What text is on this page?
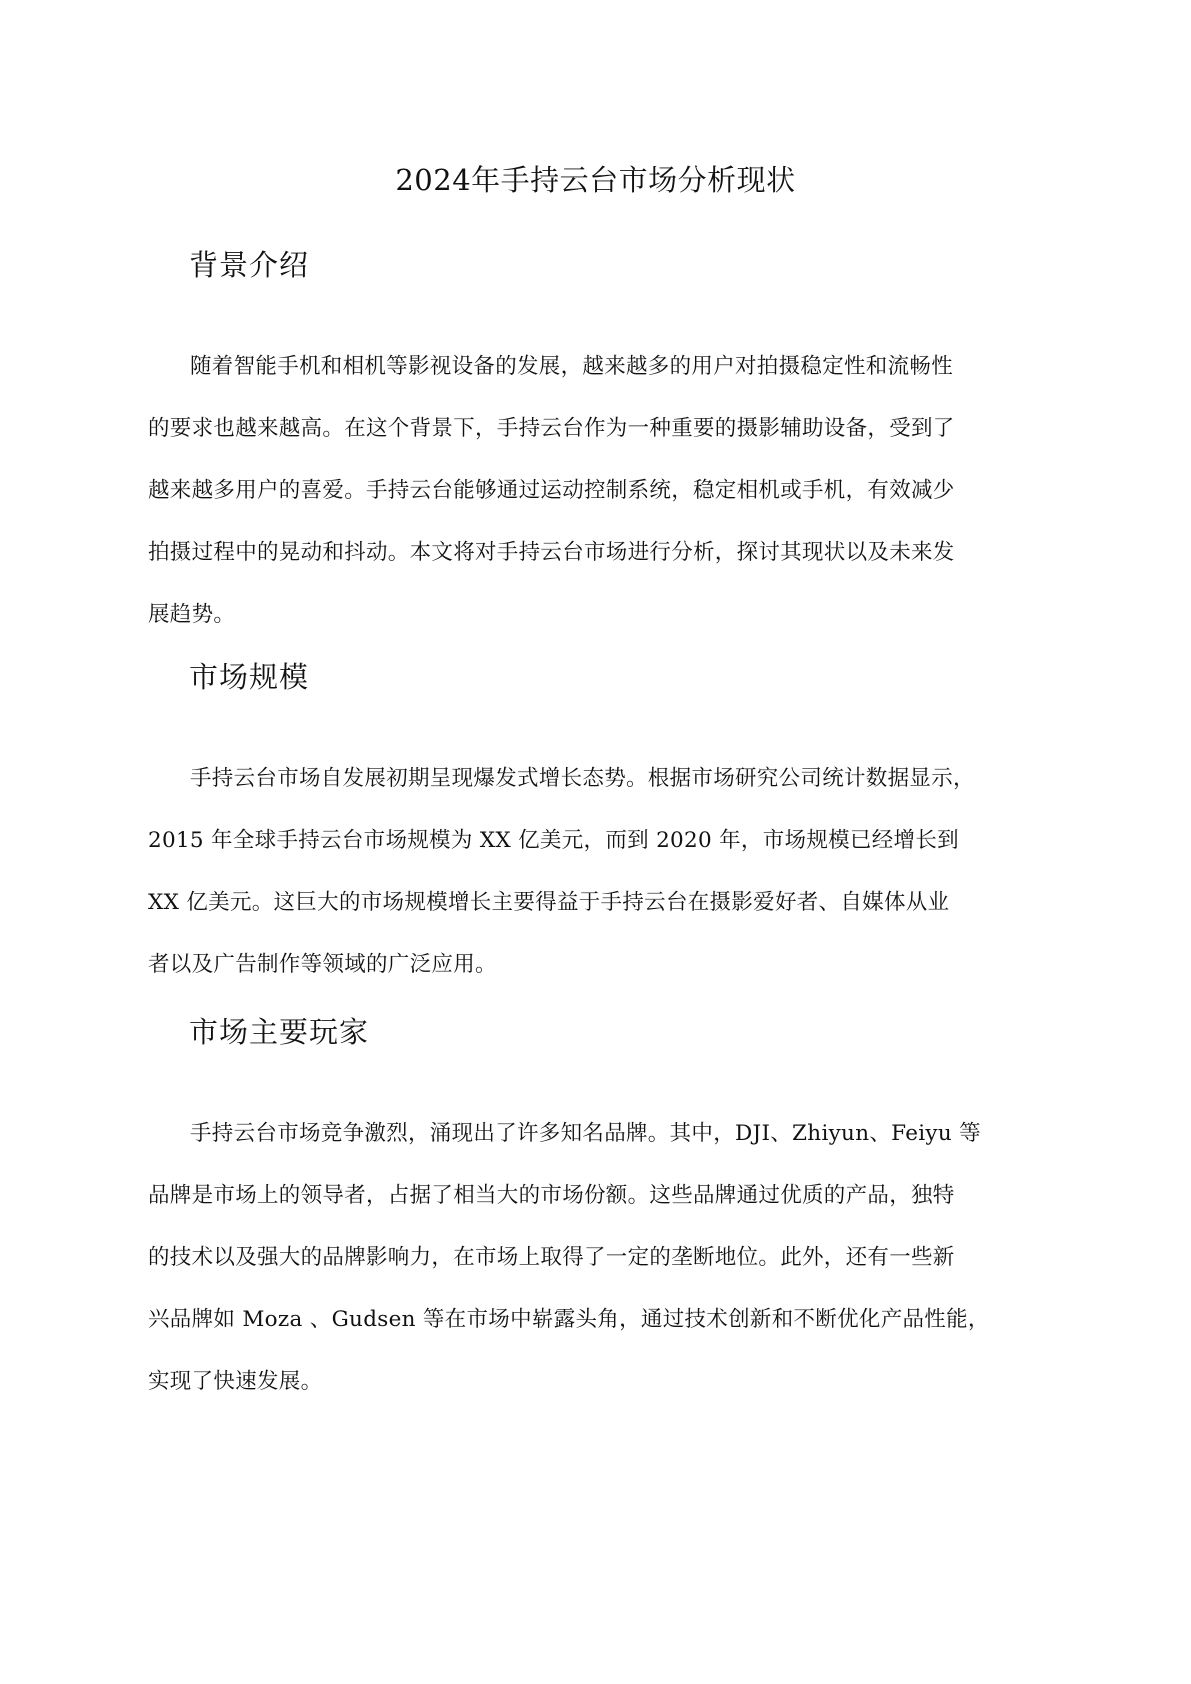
2024年手持云台市场分析现状
背景介绍
随着智能手机和相机等影视设备的发展，越来越多的用户对拍摄稳定性和流畅性
的要求也越来越高。在这个背景下，手持云台作为一种重要的摄影辅助设备，受到了
越来越多用户的喜爱。手持云台能够通过运动控制系统，稳定相机或手机，有效减少
拍摄过程中的晃动和抖动。本文将对手持云台市场进行分析，探讨其现状以及未来发
展趋势。
市场规模
手持云台市场自发展初期呈现爆发式增长态势。根据市场研究公司统计数据显示，
2015 年全球手持云台市场规模为 XX 亿美元，而到 2020 年，市场规模已经增长到
XX 亿美元。这巨大的市场规模增长主要得益于手持云台在摄影爱好者、自媒体从业
者以及广告制作等领域的广泛应用。
市场主要玩家
手持云台市场竞争激烈，涌现出了许多知名品牌。其中，DJI、Zhiyun、Feiyu 等
品牌是市场上的领导者，占据了相当大的市场份额。这些品牌通过优质的产品，独特
的技术以及强大的品牌影响力，在市场上取得了一定的垄断地位。此外，还有一些新
兴品牌如 Moza 、Gudsen 等在市场中崭露头角，通过技术创新和不断优化产品性能，
实现了快速发展。
